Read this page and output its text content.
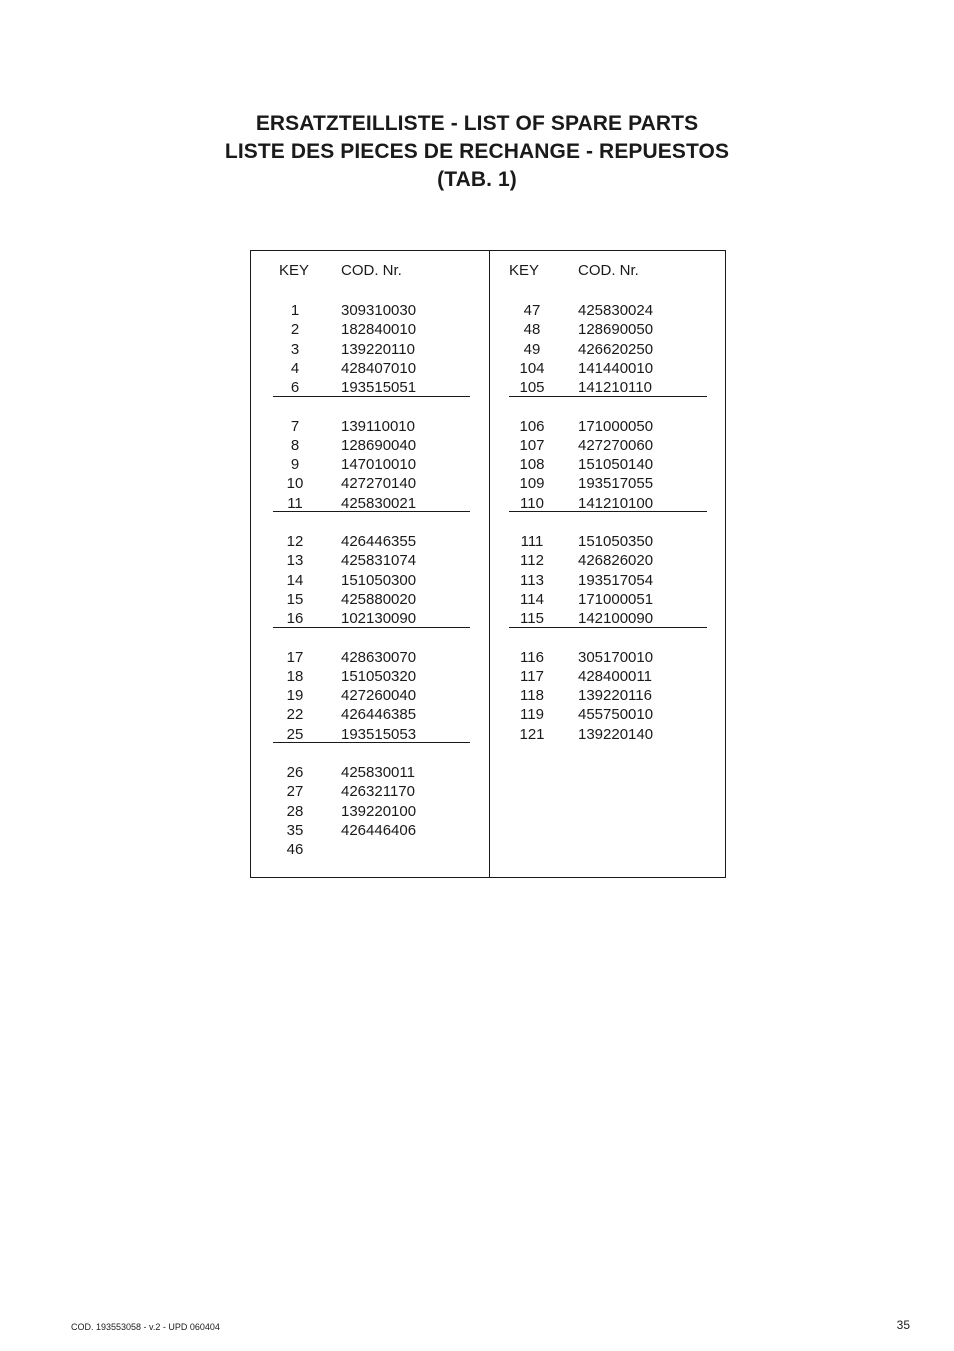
ERSATZTEILLISTE - LIST OF SPARE PARTS
LISTE DES PIECES DE RECHANGE - REPUESTOS
(TAB. 1)
KEY COD. Nr.
1	309310030
2	182840010
3	139220110
4	428407010
6	193515051
7	139110010
8	128690040
9	147010010
10	427270140
11	425830021
12	426446355
13	425831074
14	151050300
15	425880020
16	102130090
17	428630070
18	151050320
19	427260040
22	426446385
25	193515053
26	425830011
27	426321170
28	139220100
35	426446406
46
KEY	COD. Nr.
47	425830024
48	128690050
49	426620250
104	141440010
105	141210110
106	171000050
107	427270060
108	151050140
109	193517055
110	141210100
111	151050350
112	426826020
113	193517054
114	171000051
115	142100090
116	305170010
117	428400011
118	139220116
119	455750010
121	139220140
COD. 193553058 - v.2 - UPD 060404	35
